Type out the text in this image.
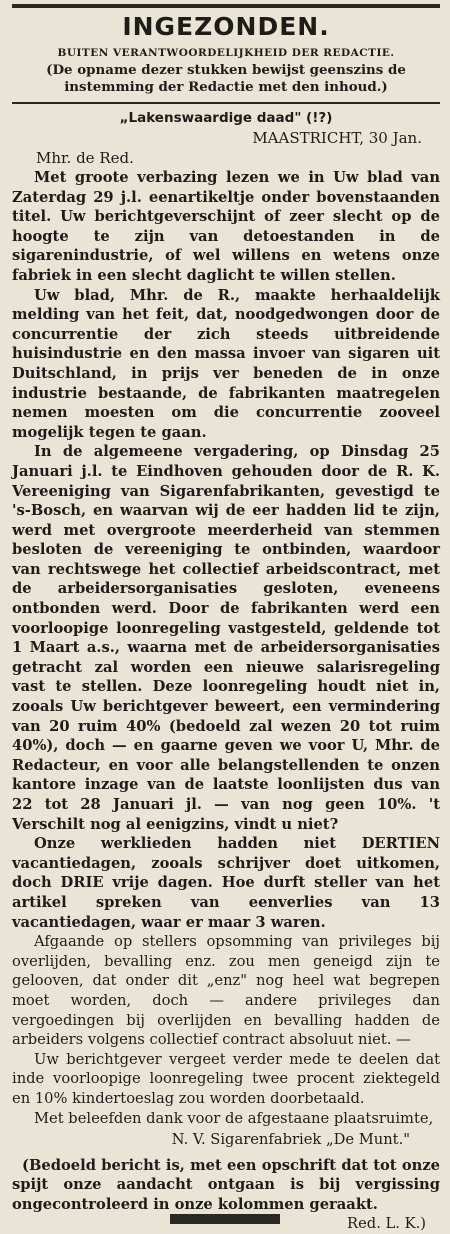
INGEZONDEN.
BUITEN VERANTWOORDELIJKHEID DER REDACTIE.
(De opname dezer stukken bewijst geenszins de instemming der Redactie met den inhoud.)
„Lakenswaardige daad" (!?)
MAASTRICHT, 30 Jan.
Mhr. de Red.

Met groote verbazing lezen we in Uw blad van Zaterdag 29 j.l. eenartikeltje onder bovenstaanden titel. Uw berichtgeverschijnt of zeer slecht op de hoogte te zijn van detoestanden in de sigarenindustrie, of wel willens en wetens onze fabriek in een slecht daglicht te willen stellen.

Uw blad, Mhr. de R., maakte herhaaldelijk melding van het feit, dat, noodgedwongen door de concurrentie der zich steeds uitbreidende huisindustrie en den massa invoer van sigaren uit Duitschland, in prijs ver beneden de in onze industrie bestaande, de fabrikanten maatregelen nemen moesten om die concurrentie zooveel mogelijk tegen te gaan.

In de algemeene vergadering, op Dinsdag 25 Januari j.l. te Eindhoven gehouden door de R. K. Vereeniging van Sigarenfabrikanten, gevestigd te 's-Bosch, en waarvan wij de eer hadden lid te zijn, werd met overgroote meerderheid van stemmen besloten de vereeniging te ontbinden, waardoor van rechtswege het collectief arbeidscontract, met de arbeidersorganisaties gesloten, eveneens ontbonden werd. Door de fabrikanten werd een voorloopige loonregeling vastgesteld, geldende tot 1 Maart a.s., waarna met de arbeidersorganisaties getracht zal worden een nieuwe salarisregeling vast te stellen. Deze loonregeling houdt niet in, zooals Uw berichtgever beweert, een vermindering van 20 ruim 40% (bedoeld zal wezen 20 tot ruim 40%), doch — en gaarne geven we voor U, Mhr. de Redacteur, en voor alle belangstellenden te onzen kantore inzage van de laatste loonlijsten dus van 22 tot 28 Januari jl. — van nog geen 10%. 't Verschilt nog al eenigzins, vindt u niet?

Onze werklieden hadden niet DERTIEN vacantiedagen, zooals schrijver doet uitkomen, doch DRIE vrije dagen. Hoe durft steller van het artikel spreken van eenverlies van 13 vacantiedagen, waar er maar 3 waren.

Afgaande op stellers opsomming van privileges bij overlijden, bevalling enz. zou men geneigd zijn te gelooven, dat onder dit „enz" nog heel wat begrepen moet worden, doch — andere privileges dan vergoedingen bij overlijden en bevalling hadden de arbeiders volgens collectief contract absoluut niet. —

Uw berichtgever vergeet verder mede te deelen dat inde voorloopige loonregeling twee procent ziektegeld en 10% kindertoeslag zou worden doorbetaald.

Met beleefden dank voor de afgestaane plaatsruimte,

N. V. Sigarenfabriek „De Munt."

(Bedoeld bericht is, met een opschrift dat tot onze spijt onze aandacht ontgaan is bij vergissing ongecontroleerd in onze kolommen geraakt.

Red. L. K.)
